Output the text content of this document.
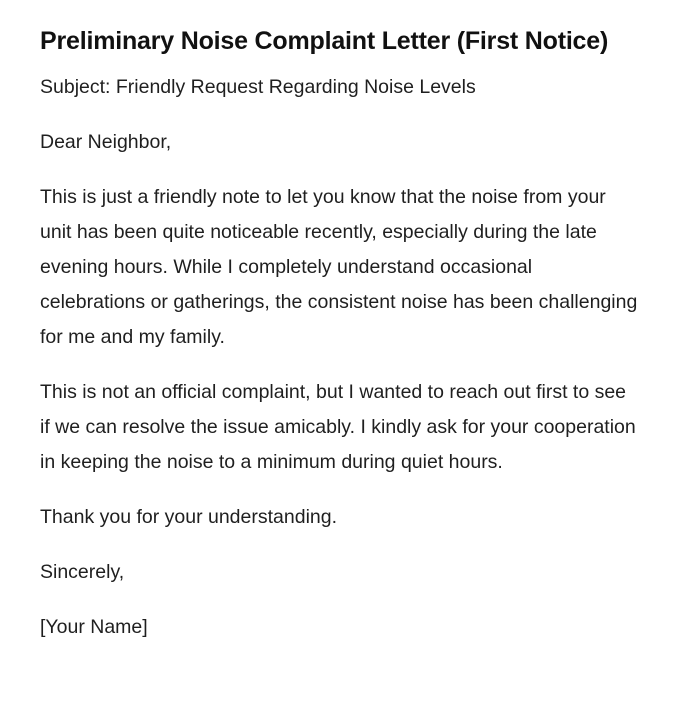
Preliminary Noise Complaint Letter (First Notice)

Subject: Friendly Request Regarding Noise Levels

Dear Neighbor,

This is just a friendly note to let you know that the noise from your unit has been quite noticeable recently, especially during the late evening hours. While I completely understand occasional celebrations or gatherings, the consistent noise has been challenging for me and my family.

This is not an official complaint, but I wanted to reach out first to see if we can resolve the issue amicably. I kindly ask for your cooperation in keeping the noise to a minimum during quiet hours.

Thank you for your understanding.

Sincerely,

[Your Name]
